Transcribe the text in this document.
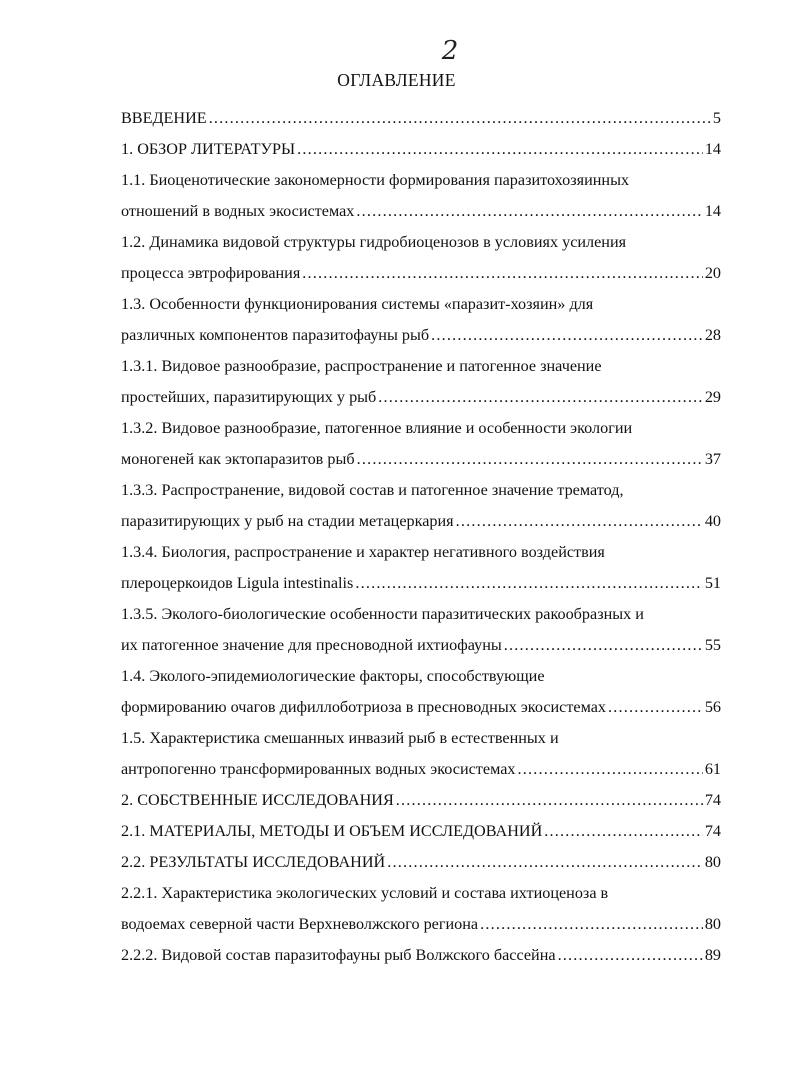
2
ОГЛАВЛЕНИЕ
ВВЕДЕНИЕ .....	5
1. ОБЗОР ЛИТЕРАТУРЫ .....	14
1.1. Биоценотические закономерности формирования паразитохозяинных
отношений в водных экосистемах .....	14
1.2. Динамика видовой структуры гидробиоценозов в условиях усиления
процесса эвтрофирования .....	20
1.3. Особенности функционирования системы «паразит-хозяин» для
различных компонентов паразитофауны рыб .....	28
1.3.1. Видовое разнообразие, распространение и патогенное значение
простейших, паразитирующих у рыб .....	29
1.3.2. Видовое разнообразие, патогенное влияние и особенности экологии
моногеней как эктопаразитов рыб .....	37
1.3.3. Распространение, видовой состав и патогенное значение трематод,
паразитирующих у рыб на стадии метацеркария .....	40
1.3.4. Биология, распространение и характер негативного воздействия
плероцеркоидов Ligula intestinalis .....	51
1.3.5. Эколого-биологические особенности паразитических ракообразных и
их патогенное значение для пресноводной ихтиофауны .....	55
1.4. Эколого-эпидемиологические факторы, способствующие
формированию очагов дифиллоботриоза в пресноводных экосистемах .....	56
1.5. Характеристика смешанных инвазий рыб в естественных и
антропогенно трансформированных водных экосистемах .....	61
2. СОБСТВЕННЫЕ ИССЛЕДОВАНИЯ .....	74
2.1. МАТЕРИАЛЫ, МЕТОДЫ И ОБЪЕМ ИССЛЕДОВАНИЙ .....	74
2.2. РЕЗУЛЬТАТЫ ИССЛЕДОВАНИЙ .....	80
2.2.1. Характеристика экологических условий и состава ихтиоценоза в
водоемах северной части Верхневолжского региона .....	80
2.2.2. Видовой состав паразитофауны рыб Волжского бассейна .....	89
